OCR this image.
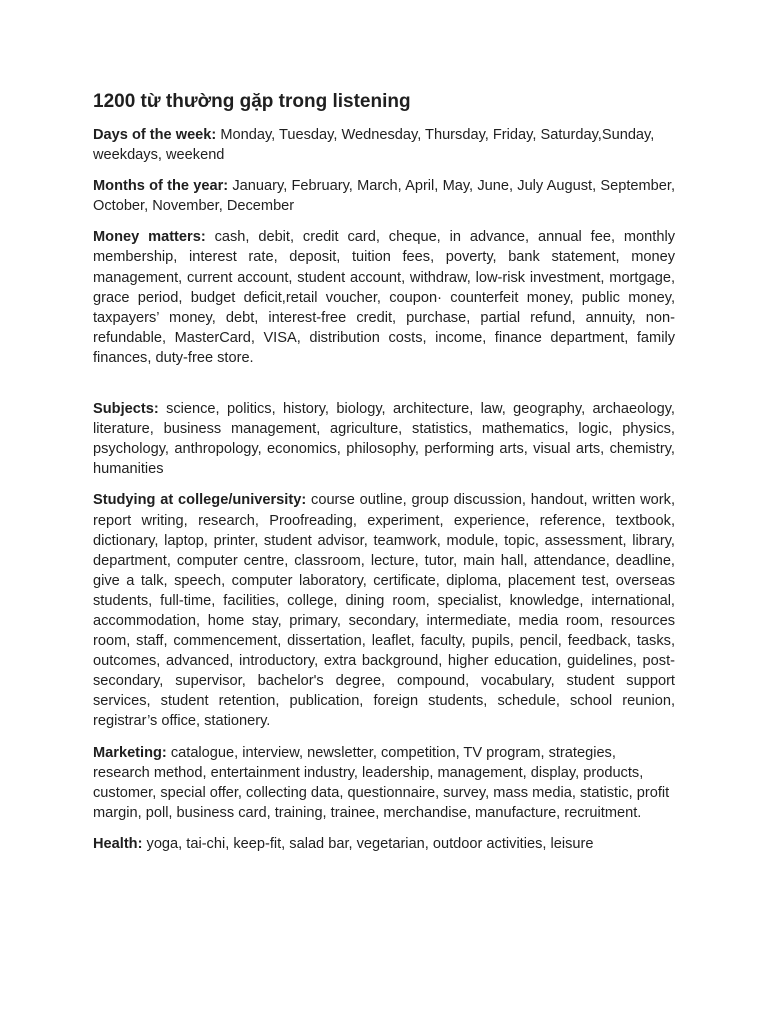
1200 từ thường gặp trong listening

Days of the week: Monday, Tuesday, Wednesday, Thursday, Friday, Saturday,Sunday, weekdays, weekend

Months of the year: January, February, March, April, May, June, July August, September, October, November, December

Money matters: cash, debit, credit card, cheque, in advance, annual fee, monthly membership, interest rate, deposit, tuition fees, poverty, bank statement, money management, current account, student account, withdraw, low-risk investment, mortgage, grace period, budget deficit,retail voucher, coupon· counterfeit money, public money, taxpayers’ money, debt, interest-free credit, purchase, partial refund, annuity, non-refundable, MasterCard, VISA, distribution costs, income, finance department, family finances, duty-free store.

Subjects: science, politics, history, biology, architecture, law, geography, archaeology, literature, business management, agriculture, statistics, mathematics, logic, physics, psychology, anthropology, economics, philosophy, performing arts, visual arts, chemistry, humanities

Studying at college/university: course outline, group discussion, handout, written work, report writing, research, Proofreading, experiment, experience, reference, textbook, dictionary, laptop, printer, student advisor, teamwork, module, topic, assessment, library, department, computer centre, classroom, lecture, tutor, main hall, attendance, deadline, give a talk, speech, computer laboratory, certificate, diploma, placement test, overseas students, full-time, facilities, college, dining room, specialist, knowledge, international, accommodation, home stay, primary, secondary, intermediate, media room, resources room, staff, commencement, dissertation, leaflet, faculty, pupils, pencil, feedback, tasks, outcomes, advanced, introductory, extra background, higher education, guidelines, post-secondary, supervisor, bachelor's degree, compound, vocabulary, student support services, student retention, publication, foreign students, schedule, school reunion, registrar’s office, stationery.

Marketing: catalogue, interview, newsletter, competition, TV program, strategies, research method, entertainment industry, leadership, management, display, products, customer, special offer, collecting data, questionnaire, survey, mass media, statistic, profit margin, poll, business card, training, trainee, merchandise, manufacture, recruitment.

Health: yoga, tai-chi, keep-fit, salad bar, vegetarian, outdoor activities, leisure
